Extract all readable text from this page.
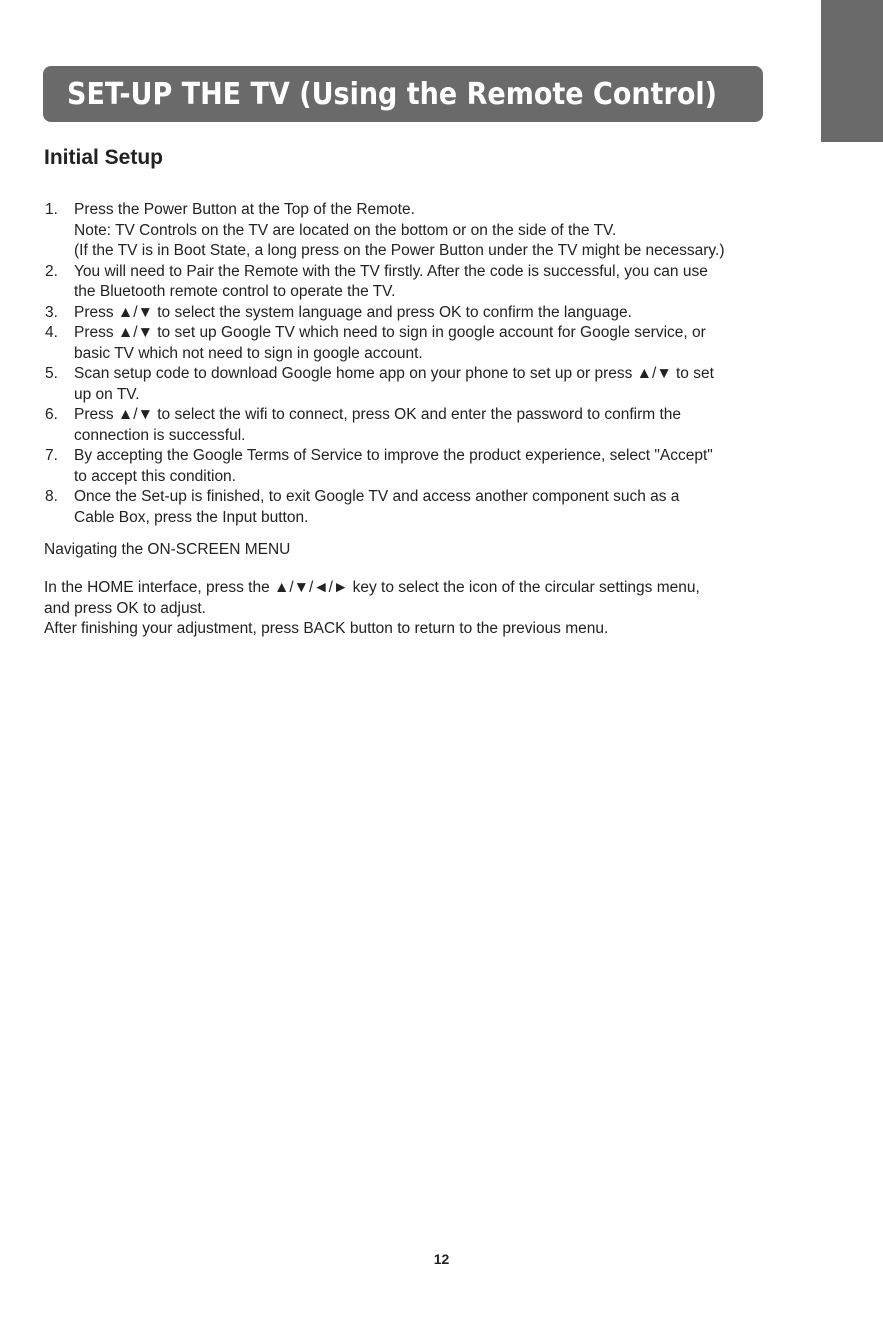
SET-UP THE TV (Using the Remote Control)
Initial Setup
1. Press the Power Button at the Top of the Remote.
Note: TV Controls on the TV are located on the bottom or on the side of the TV.
(If the TV is in Boot State, a long press on the Power Button under the TV might be necessary.)
2. You will need to Pair the Remote with the TV firstly. After the code is successful, you can use
the Bluetooth remote control to operate the TV.
3. Press ▲/▼ to select the system language and press OK to confirm the language.
4. Press ▲/▼ to set up Google TV which need to sign in google account for Google service, or
basic TV which not need to sign in google account.
5. Scan setup code to download Google home app on your phone to set up or press ▲/▼ to set
up on TV.
6. Press ▲/▼ to select the wifi to connect, press OK and enter the password to confirm the
connection is successful.
7. By accepting the Google Terms of Service to improve the product experience, select "Accept"
to accept this condition.
8. Once the Set-up is finished, to exit Google TV and access another component such as a
Cable Box, press the Input button.
Navigating the ON-SCREEN MENU

In the HOME interface, press the ▲/▼/◄/► key to select the icon of the circular settings menu,
and press OK to adjust.
After finishing your adjustment, press BACK button to return to the previous menu.

12
